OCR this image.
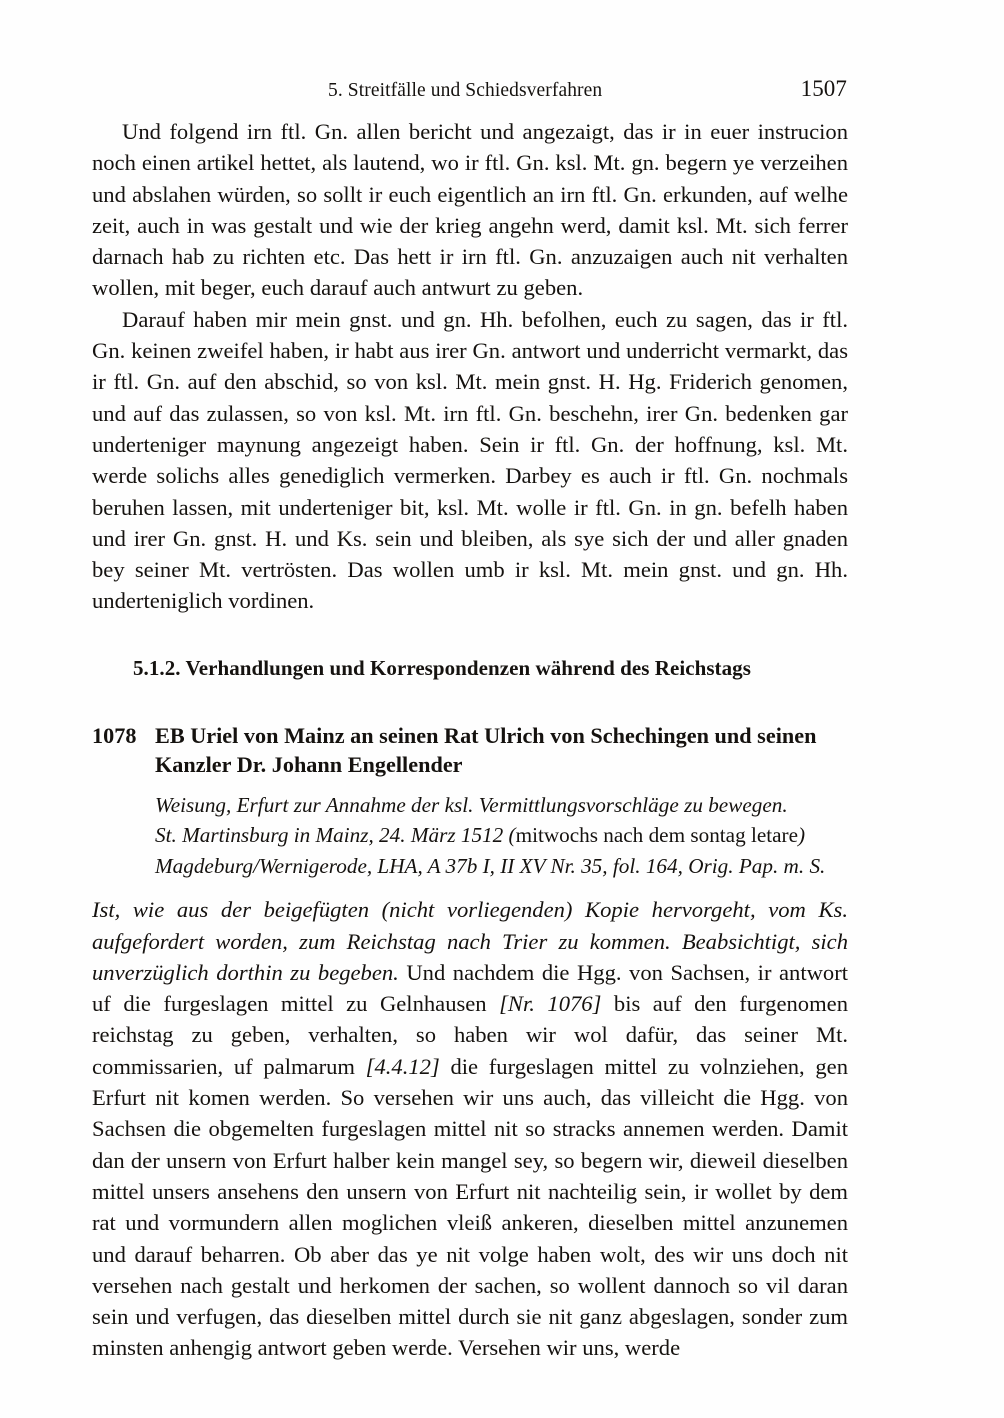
5. Streitfälle und Schiedsverfahren	1507

Und folgend irn ftl. Gn. allen bericht und angezaigt, das ir in euer instrucion noch einen artikel hettet, als lautend, wo ir ftl. Gn. ksl. Mt. gn. begern ye verzeihen und abslahen würden, so sollt ir euch eigentlich an irn ftl. Gn. erkunden, auf welhe zeit, auch in was gestalt und wie der krieg angehn werd, damit ksl. Mt. sich ferrer darnach hab zu richten etc. Das hett ir irn ftl. Gn. anzuzaigen auch nit verhalten wollen, mit beger, euch darauf auch antwurt zu geben.

Darauf haben mir mein gnst. und gn. Hh. befolhen, euch zu sagen, das ir ftl. Gn. keinen zweifel haben, ir habt aus irer Gn. antwort und underricht vermarkt, das ir ftl. Gn. auf den abschid, so von ksl. Mt. mein gnst. H. Hg. Friderich genomen, und auf das zulassen, so von ksl. Mt. irn ftl. Gn. beschehn, irer Gn. bedenken gar underteniger maynung angezeigt haben. Sein ir ftl. Gn. der hoffnung, ksl. Mt. werde solichs alles genediglich vermerken. Darbey es auch ir ftl. Gn. nochmals beruhen lassen, mit underteniger bit, ksl. Mt. wolle ir ftl. Gn. in gn. befelh haben und irer Gn. gnst. H. und Ks. sein und bleiben, als sye sich der und aller gnaden bey seiner Mt. vertrösten. Das wollen umb ir ksl. Mt. mein gnst. und gn. Hh. underteniglich vordinen.

5.1.2. Verhandlungen und Korrespondenzen während des Reichstags
1078 EB Uriel von Mainz an seinen Rat Ulrich von Schechingen und seinen Kanzler Dr. Johann Engellender

Weisung, Erfurt zur Annahme der ksl. Vermittlungsvorschläge zu bewegen.

St. Martinsburg in Mainz, 24. März 1512 (mitwochs nach dem sontag letare)

Magdeburg/Wernigerode, LHA, A 37b I, II XV Nr. 35, fol. 164, Orig. Pap. m. S.

Ist, wie aus der beigefügten (nicht vorliegenden) Kopie hervorgeht, vom Ks. aufgefordert worden, zum Reichstag nach Trier zu kommen. Beabsichtigt, sich unverzüglich dorthin zu begeben. Und nachdem die Hgg. von Sachsen, ir antwort uf die furgeslagen mittel zu Gelnhausen [Nr. 1076] bis auf den furgenomen reichstag zu geben, verhalten, so haben wir wol dafür, das seiner Mt. commissarien, uf palmarum [4.4.12] die furgeslagen mittel zu volnziehen, gen Erfurt nit komen werden. So versehen wir uns auch, das villeicht die Hgg. von Sachsen die obgemelten furgeslagen mittel nit so stracks annemen werden. Damit dan der unsern von Erfurt halber kein mangel sey, so begern wir, dieweil dieselben mittel unsers ansehens den unsern von Erfurt nit nachteilig sein, ir wollet by dem rat und vormundern allen moglichen vleiß ankeren, dieselben mittel anzunemen und darauf beharren. Ob aber das ye nit volge haben wolt, des wir uns doch nit versehen nach gestalt und herkomen der sachen, so wollent dannoch so vil daran sein und verfugen, das dieselben mittel durch sie nit ganz abgeslagen, sonder zum minsten anhengig antwort geben werde. Versehen wir uns, werde
